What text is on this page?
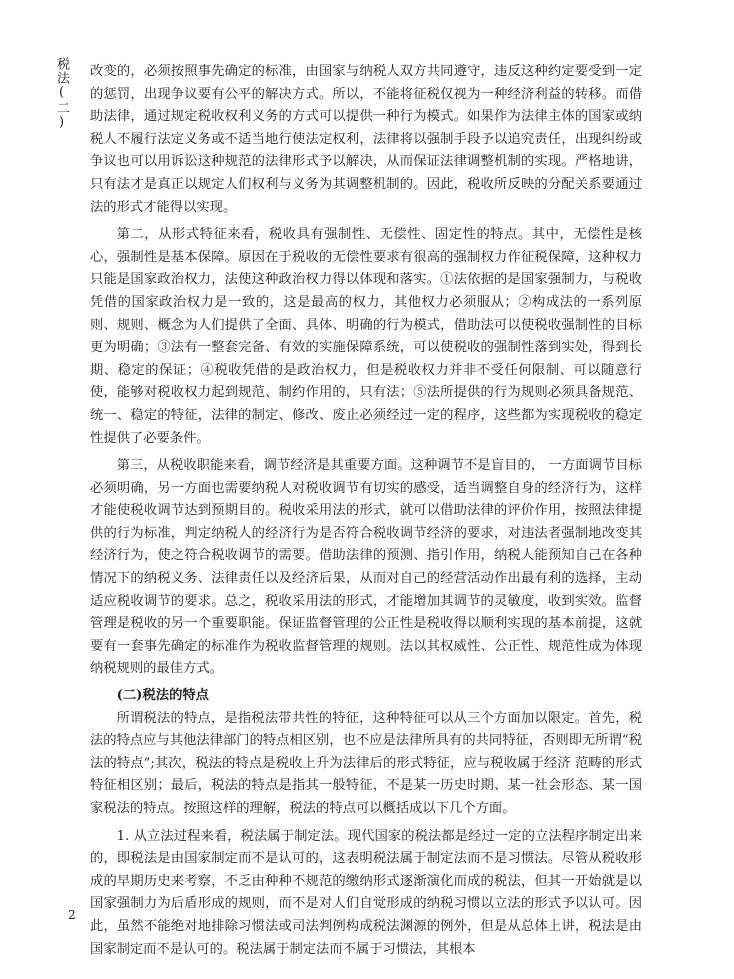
税法(二) 改变的，必须按照事先确定的标准，由国家与纳税人双方共同遵守，违反这种约定要受到一定的惩罚，出现争议要有公平的解决方式。所以，不能将征税仅视为一种经济利益的转移。而借助法律，通过规定税收权利义务的方式可以提供一种行为模式。如果作为法律主体的国家或纳税人不履行法定义务或不适当地行使法定权利，法律将以强制手段予以追究责任，出现纠纷或争议也可以用诉讼这种规范的法律形式予以解决，从而保证法律调整机制的实现。严格地讲，只有法才是真正以规定人们权利与义务为其调整机制的。因此，税收所反映的分配关系要通过法的形式才能得以实现。

第二，从形式特征来看，税收具有强制性、无偿性、固定性的特点。其中，无偿性是核心，强制性是基本保障。原因在于税收的无偿性要求有很高的强制权力作征税保障，这种权力只能是国家政治权力，法使这种政治权力得以体现和落实。①法依据的是国家强制力，与税收凭借的国家政治权力是一致的，这是最高的权力，其他权力必须服从；②构成法的一系列原则、规则、概念为人们提供了全面、具体、明确的行为模式，借助法可以使税收强制性的目标更为明确；③法有一整套完备、有效的实施保障系统，可以使税收的强制性落到实处，得到长期、稳定的保证；④税收凭借的是政治权力，但是税收权力并非不受任何限制、可以随意行使，能够对税收权力起到规范、制约作用的，只有法；⑤法所提供的行为规则必须具备规范、统一、稳定的特征，法律的制定、修改、废止必须经过一定的程序，这些都为实现税收的稳定性提供了必要条件。

第三，从税收职能来看，调节经济是其重要方面。这种调节不是盲目的， 一方面调节目标必须明确，另一方面也需要纳税人对税收调节有切实的感受，适当调整自身的经济行为，这样才能使税收调节达到预期目的。税收采用法的形式，就可以借助法律的评价作用，按照法律提供的行为标准，判定纳税人的经济行为是否符合税收调节经济的要求，对违法者强制地改变其经济行为，使之符合税收调节的需要。借助法律的预测、指引作用，纳税人能预知自己在各种情况下的纳税义务、法律责任以及经济后果，从而对自己的经营活动作出最有利的选择，主动适应税收调节的要求。总之，税收采用法的形式，才能增加其调节的灵敏度，收到实效。监督管理是税收的另一个重要职能。保证监督管理的公正性是税收得以顺利实现的基本前提，这就要有一套事先确定的标准作为税收监督管理的规则。法以其权威性、公正性、规范性成为体现纳税规则的最佳方式。

(二)税法的特点

所谓税法的特点，是指税法带共性的特征，这种特征可以从三个方面加以限定。首先，税法的特点应与其他法律部门的特点相区别，也不应是法律所具有的共同特征，否则即无所谓“税法的特点”;其次，税法的特点是税收上升为法律后的形式特征，应与税收属于经济 范畴的形式特征相区别；最后，税法的特点是指其一般特征，不是某一历史时期、某一社会形态、某一国家税法的特点。按照这样的理解，税法的特点可以概括成以下几个方面。

1. 从立法过程来看，税法属于制定法。现代国家的税法都是经过一定的立法程序制定出来的，即税法是由国家制定而不是认可的，这表明税法属于制定法而不是习惯法。尽管从税收形成的早期历史来考察，不乏由种种不规范的缴纳形式逐渐演化而成的税法，但其一开始就是以国家强制力为后盾形成的规则，而不是对人们自觉形成的纳税习惯以立法的形式予以认可。因此，虽然不能绝对地排除习惯法或司法判例构成税法渊源的例外，但是从总体上讲，税法是由国家制定而不是认可的。税法属于制定法而不属于习惯法，其根本

2
